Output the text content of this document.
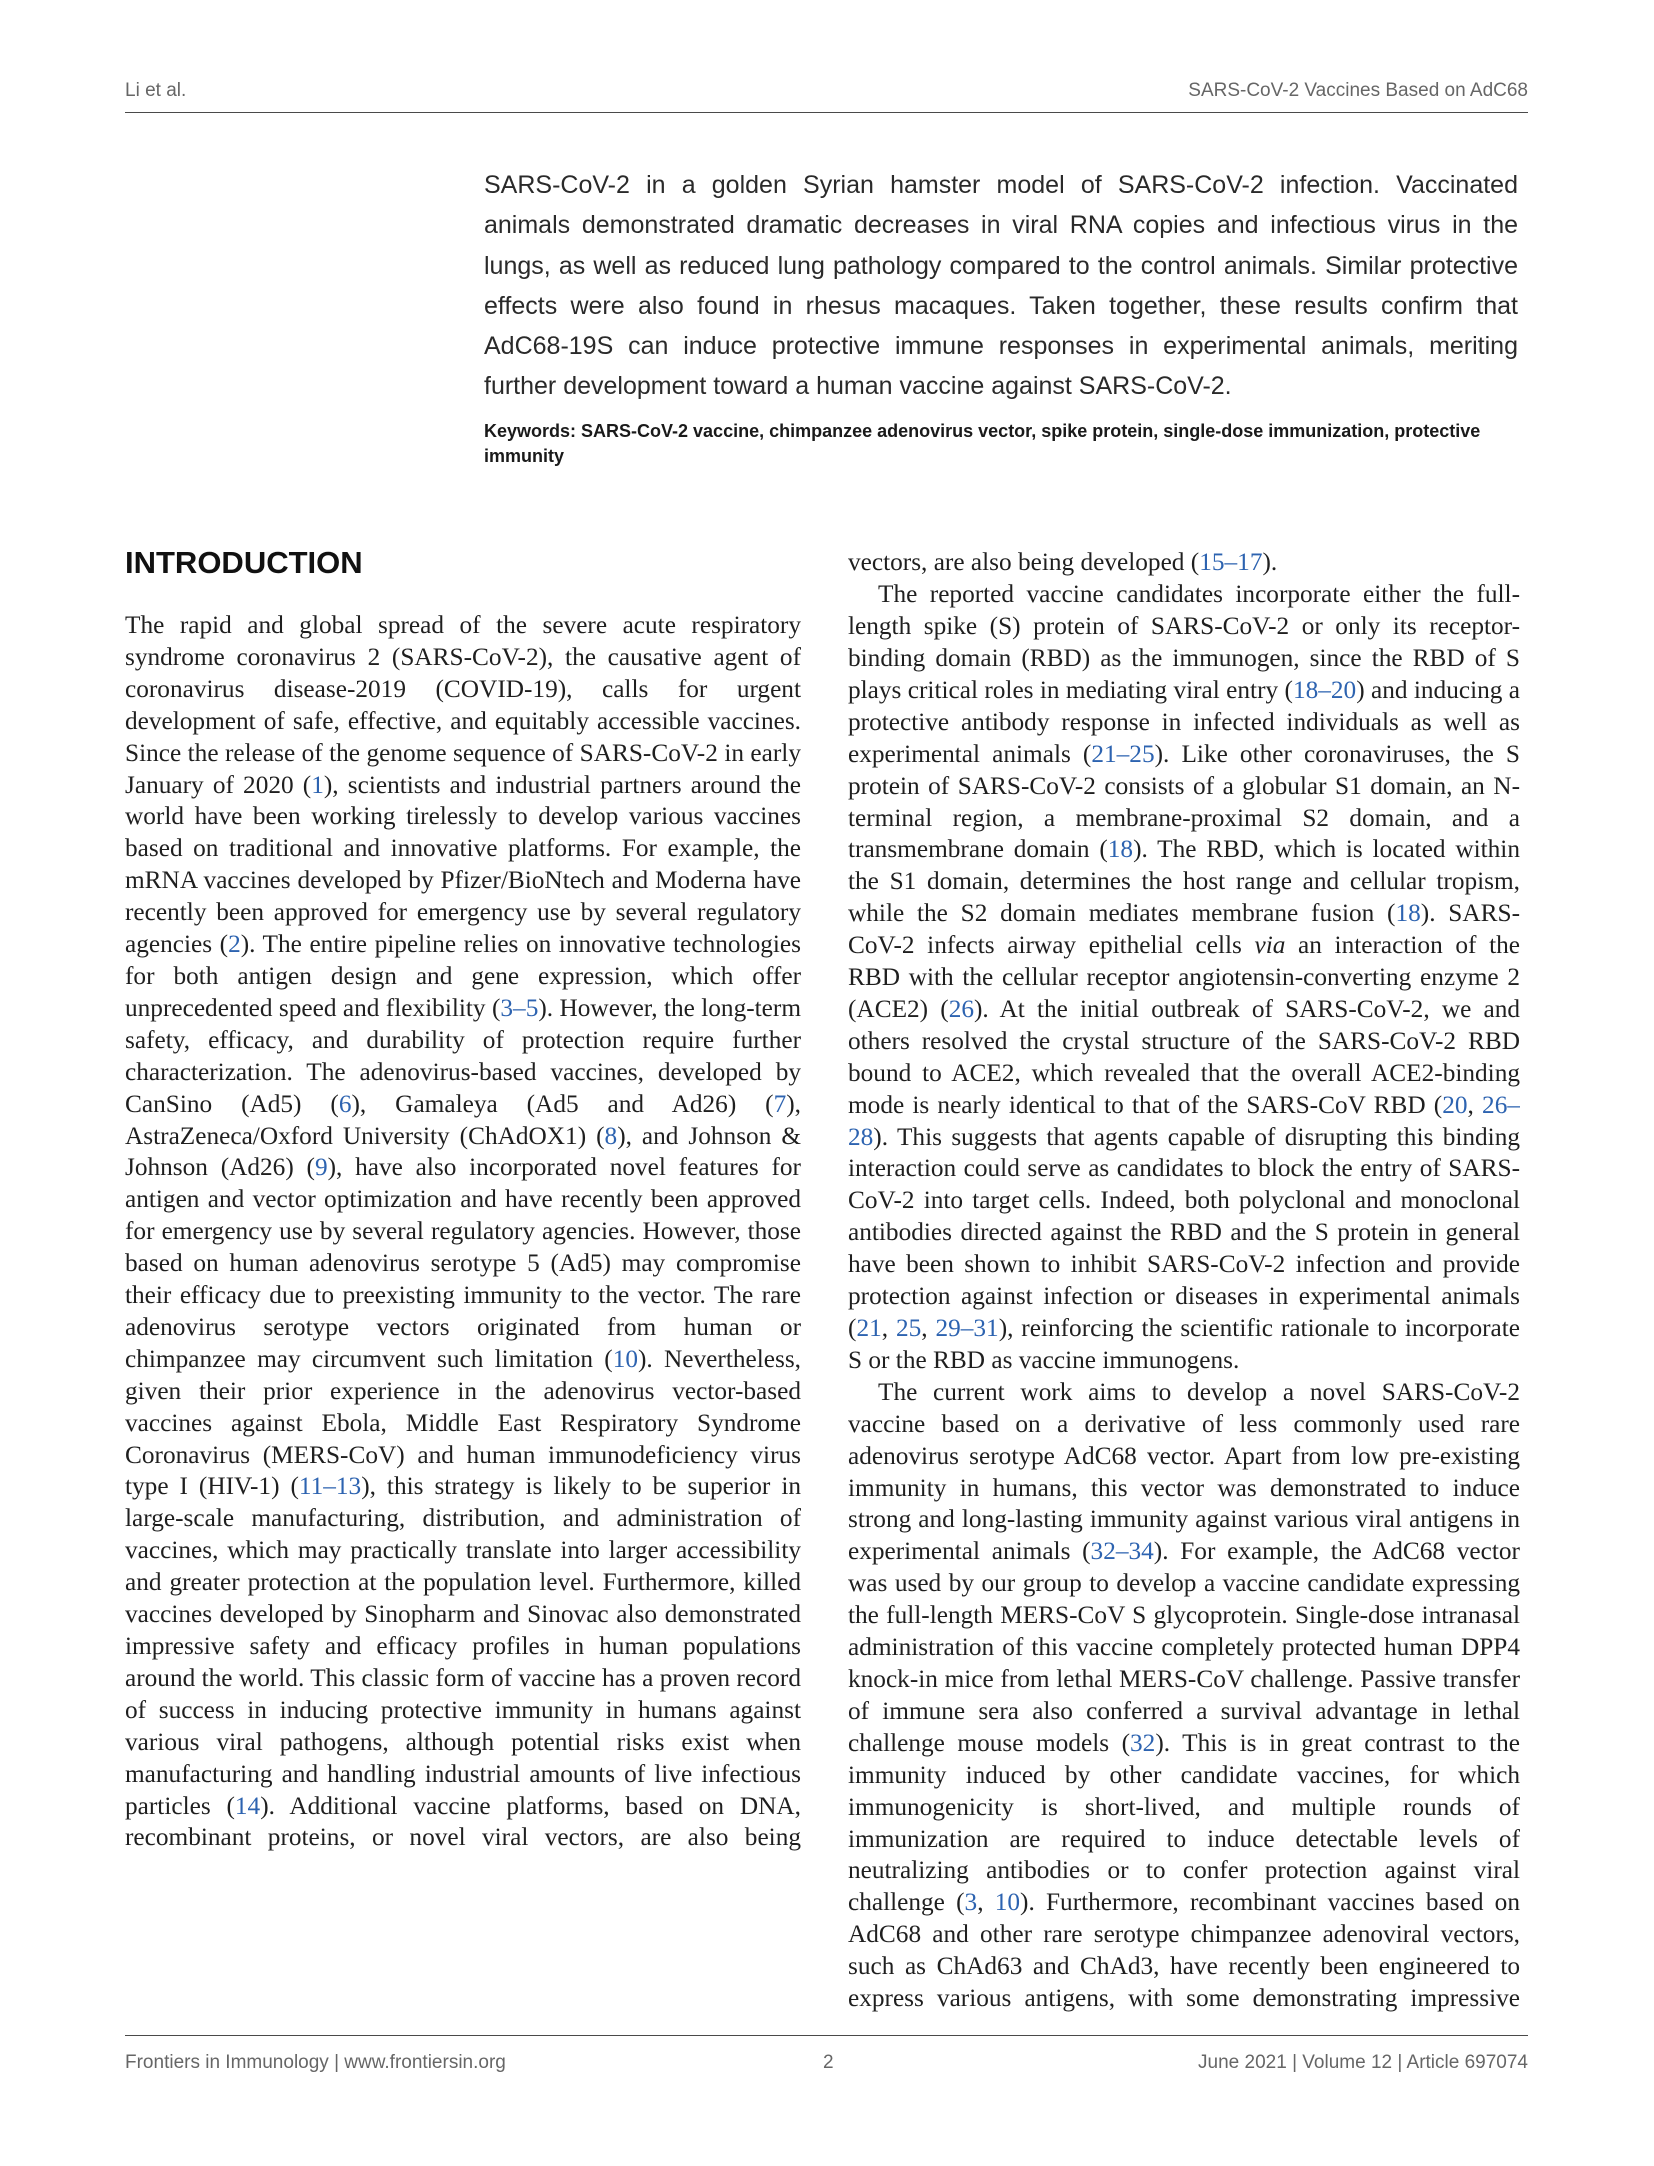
Li et al.	SARS-CoV-2 Vaccines Based on AdC68

SARS-CoV-2 in a golden Syrian hamster model of SARS-CoV-2 infection. Vaccinated animals demonstrated dramatic decreases in viral RNA copies and infectious virus in the lungs, as well as reduced lung pathology compared to the control animals. Similar protective effects were also found in rhesus macaques. Taken together, these results confirm that AdC68-19S can induce protective immune responses in experimental animals, meriting further development toward a human vaccine against SARS-CoV-2.

Keywords: SARS-CoV-2 vaccine, chimpanzee adenovirus vector, spike protein, single-dose immunization, protective immunity

INTRODUCTION

The rapid and global spread of the severe acute respiratory syndrome coronavirus 2 (SARS-CoV-2), the causative agent of coronavirus disease-2019 (COVID-19), calls for urgent development of safe, effective, and equitably accessible vaccines. Since the release of the genome sequence of SARS-CoV-2 in early January of 2020 (1), scientists and industrial partners around the world have been working tirelessly to develop various vaccines based on traditional and innovative platforms. For example, the mRNA vaccines developed by Pfizer/BioNtech and Moderna have recently been approved for emergency use by several regulatory agencies (2). The entire pipeline relies on innovative technologies for both antigen design and gene expression, which offer unprecedented speed and flexibility (3–5). However, the long-term safety, efficacy, and durability of protection require further characterization. The adenovirus-based vaccines, developed by CanSino (Ad5) (6), Gamaleya (Ad5 and Ad26) (7), AstraZeneca/Oxford University (ChAdOX1) (8), and Johnson & Johnson (Ad26) (9), have also incorporated novel features for antigen and vector optimization and have recently been approved for emergency use by several regulatory agencies. However, those based on human adenovirus serotype 5 (Ad5) may compromise their efficacy due to preexisting immunity to the vector. The rare adenovirus serotype vectors originated from human or chimpanzee may circumvent such limitation (10). Nevertheless, given their prior experience in the adenovirus vector-based vaccines against Ebola, Middle East Respiratory Syndrome Coronavirus (MERS-CoV) and human immunodeficiency virus type I (HIV-1) (11–13), this strategy is likely to be superior in large-scale manufacturing, distribution, and administration of vaccines, which may practically translate into larger accessibility and greater protection at the population level. Furthermore, killed vaccines developed by Sinopharm and Sinovac also demonstrated impressive safety and efficacy profiles in human populations around the world. This classic form of vaccine has a proven record of success in inducing protective immunity in humans against various viral pathogens, although potential risks exist when manufacturing and handling industrial amounts of live infectious particles (14). Additional vaccine platforms, based on DNA, recombinant proteins, or novel viral vectors, are also being

vectors, are also being developed (15–17).

The reported vaccine candidates incorporate either the full-length spike (S) protein of SARS-CoV-2 or only its receptor-binding domain (RBD) as the immunogen, since the RBD of S plays critical roles in mediating viral entry (18–20) and inducing a protective antibody response in infected individuals as well as experimental animals (21–25). Like other coronaviruses, the S protein of SARS-CoV-2 consists of a globular S1 domain, an N-terminal region, a membrane-proximal S2 domain, and a transmembrane domain (18). The RBD, which is located within the S1 domain, determines the host range and cellular tropism, while the S2 domain mediates membrane fusion (18). SARS-CoV-2 infects airway epithelial cells via an interaction of the RBD with the cellular receptor angiotensin-converting enzyme 2 (ACE2) (26). At the initial outbreak of SARS-CoV-2, we and others resolved the crystal structure of the SARS-CoV-2 RBD bound to ACE2, which revealed that the overall ACE2-binding mode is nearly identical to that of the SARS-CoV RBD (20, 26–28). This suggests that agents capable of disrupting this binding interaction could serve as candidates to block the entry of SARS-CoV-2 into target cells. Indeed, both polyclonal and monoclonal antibodies directed against the RBD and the S protein in general have been shown to inhibit SARS-CoV-2 infection and provide protection against infection or diseases in experimental animals (21, 25, 29–31), reinforcing the scientific rationale to incorporate S or the RBD as vaccine immunogens.

The current work aims to develop a novel SARS-CoV-2 vaccine based on a derivative of less commonly used rare adenovirus serotype AdC68 vector. Apart from low pre-existing immunity in humans, this vector was demonstrated to induce strong and long-lasting immunity against various viral antigens in experimental animals (32–34). For example, the AdC68 vector was used by our group to develop a vaccine candidate expressing the full-length MERS-CoV S glycoprotein. Single-dose intranasal administration of this vaccine completely protected human DPP4 knock-in mice from lethal MERS-CoV challenge. Passive transfer of immune sera also conferred a survival advantage in lethal challenge mouse models (32). This is in great contrast to the immunity induced by other candidate vaccines, for which immunogenicity is short-lived, and multiple rounds of immunization are required to induce detectable levels of neutralizing antibodies or to confer protection against viral challenge (3, 10). Furthermore, recombinant vaccines based on AdC68 and other rare serotype chimpanzee adenoviral vectors, such as ChAd63 and ChAd3, have recently been engineered to express various antigens, with some demonstrating impressive

Frontiers in Immunology | www.frontiersin.org	2	June 2021 | Volume 12 | Article 697074
